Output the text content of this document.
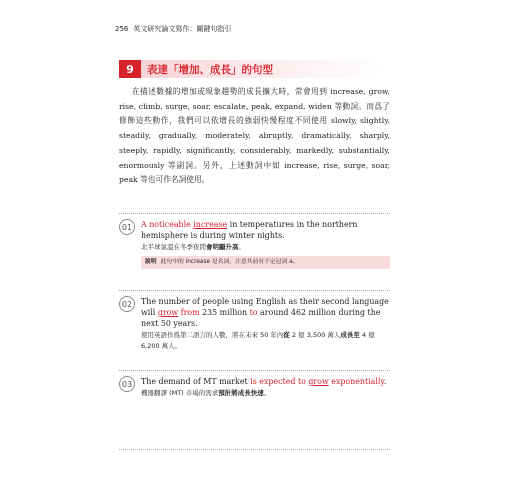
256 英文研究論文寫作：關鍵句指引
9	表達「增加、成長」的句型

在描述數據的增加或現象趨勢的成長擴大時，常會用到 increase, grow, rise, climb, surge, soar, escalate, peak, expand, widen 等動詞。而爲了修飾這些動作，我們可以依增長的強弱快慢程度不同使用 slowly, slightly, steadily, gradually, moderately, abruptly, dramatically, sharply, steeply, rapidly, significantly, considerably, markedly, substantially, enormously 等副詞。另外，上述動詞中如 increase, rise, surge, soar, peak 等也可作名詞使用。

01	A noticeable increase in temperatures in the northern hemisphere is during winter nights.
北半球氣溫在冬季夜間會明顯升高。
說明 此句中的 increase 是名詞，注意其前有不定冠詞 a。
02	The number of people using English as their second language will grow from 235 million to around 462 million during the next 50 years.
使用英語作爲第二語言的人數，將在未來 50 年內從 2 億 3,500 萬人成長至 4 億 6,200 萬人。
03	The demand of MT market is expected to grow exponentially.
機器翻譯 (MT) 市場的需求預計將成長快速。
